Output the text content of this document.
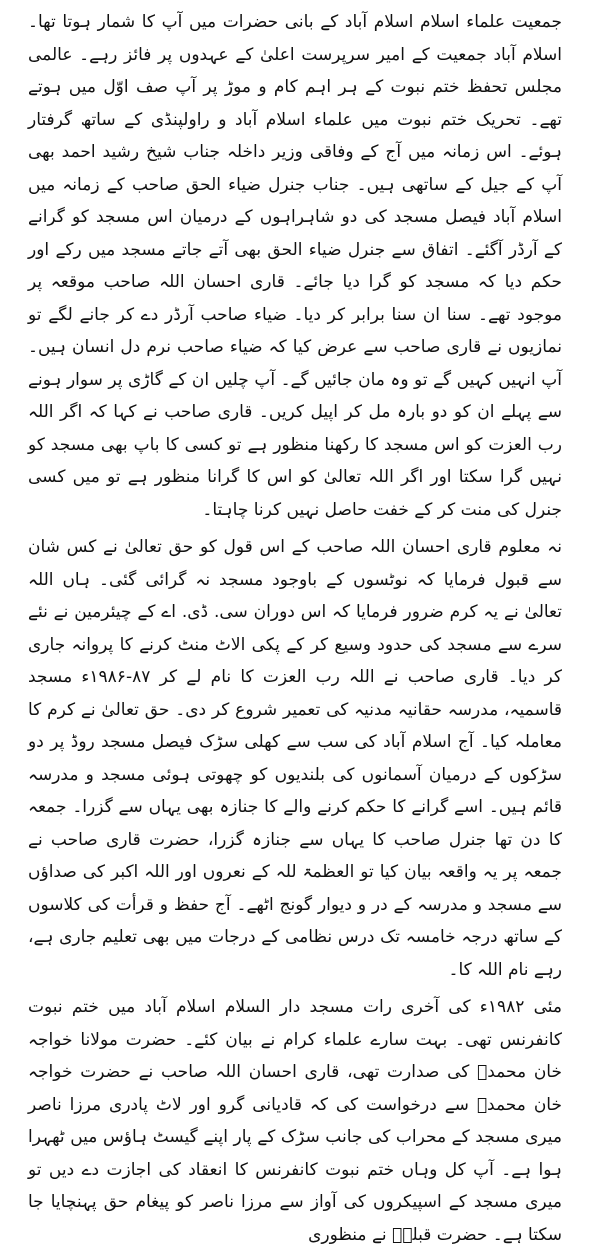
جمعیت علماء اسلام اسلام آباد کے بانی حضرات میں آپ کا شمار ہوتا تھا۔ اسلام آباد جمعیت کے امیر سرپرست اعلیٰ کے عہدوں پر فائز رہے۔ عالمی مجلس تحفظ ختم نبوت کے ہر اہم کام و موڑ پر آپ صف اوّل میں ہوتے تھے۔ تحریک ختم نبوت میں علماء اسلام آباد و راولپنڈی کے ساتھ گرفتار ہوئے۔ اس زمانہ میں آج کے وفاقی وزیر داخلہ جناب شیخ رشید احمد بھی آپ کے جیل کے ساتھی ہیں۔ جناب جنرل ضیاء الحق صاحب کے زمانہ میں اسلام آباد فیصل مسجد کی دو شاہراہوں کے درمیان اس مسجد کو گرانے کے آرڈر آگئے۔ اتفاق سے جنرل ضیاء الحق بھی آتے جاتے مسجد میں رکے اور حکم دیا کہ مسجد کو گرا دیا جائے۔ قاری احسان اللہ صاحب موقعہ پر موجود تھے۔ سنا ان سنا برابر کر دیا۔ ضیاء صاحب آرڈر دے کر جانے لگے تو نمازیوں نے قاری صاحب سے عرض کیا کہ ضیاء صاحب نرم دل انسان ہیں۔ آپ انہیں کہیں گے تو وہ مان جائیں گے۔ آپ چلیں ان کے گاڑی پر سوار ہونے سے پہلے ان کو دو بارہ مل کر اپیل کریں۔ قاری صاحب نے کہا کہ اگر اللہ رب العزت کو اس مسجد کا رکھنا منظور ہے تو کسی کا باپ بھی مسجد کو نہیں گرا سکتا اور اگر اللہ تعالیٰ کو اس کا گرانا منظور ہے تو میں کسی جنرل کی منت کر کے خفت حاصل نہیں کرنا چاہتا۔

نہ معلوم قاری احسان اللہ صاحب کے اس قول کو حق تعالیٰ نے کس شان سے قبول فرمایا کہ نوٹسوں کے باوجود مسجد نہ گرائی گئی۔ ہاں اللہ تعالیٰ نے یہ کرم ضرور فرمایا کہ اس دوران سی. ڈی. اے کے چیئرمین نے نئے سرے سے مسجد کی حدود وسیع کر کے پکی الاٹ منٹ کرنے کا پروانہ جاری کر دیا۔ قاری صاحب نے اللہ رب العزت کا نام لے کر ۸۷-۱۹۸۶ء مسجد قاسمیہ، مدرسہ حقانیہ مدنیہ کی تعمیر شروع کر دی۔ حق تعالیٰ نے کرم کا معاملہ کیا۔ آج اسلام آباد کی سب سے کھلی سڑک فیصل مسجد روڈ پر دو سڑکوں کے درمیان آسمانوں کی بلندیوں کو چھوتی ہوئی مسجد و مدرسہ قائم ہیں۔ اسے گرانے کا حکم کرنے والے کا جنازہ بھی یہاں سے گزرا۔ جمعہ کا دن تھا جنرل صاحب کا یہاں سے جنازہ گزرا، حضرت قاری صاحب نے جمعہ پر یہ واقعہ بیان کیا تو العظمۃ للہ کے نعروں اور اللہ اکبر کی صداؤں سے مسجد و مدرسہ کے در و دیوار گونج اٹھے۔ آج حفظ و قرأت کی کلاسوں کے ساتھ درجہ خامسہ تک درس نظامی کے درجات میں بھی تعلیم جاری ہے، رہے نام اللہ کا۔

مئی ۱۹۸۲ء کی آخری رات مسجد دار السلام اسلام آباد میں ختم نبوت کانفرنس تھی۔ بہت سارے علماء کرام نے بیان کئے۔ حضرت مولانا خواجہ خان محمدؒ کی صدارت تھی، قاری احسان اللہ صاحب نے حضرت خواجہ خان محمدؒ سے درخواست کی کہ قادیانی گرو اور لاٹ پادری مرزا ناصر میری مسجد کے محراب کی جانب سڑک کے پار اپنے گیسٹ ہاؤس میں ٹھہرا ہوا ہے۔ آپ کل وہاں ختم نبوت کانفرنس کا انعقاد کی اجازت دے دیں تو میری مسجد کے اسپیکروں کی آواز سے مرزا ناصر کو پیغام حق پہنچایا جا سکتا ہے۔ حضرت قبلہؒ نے منظوری
